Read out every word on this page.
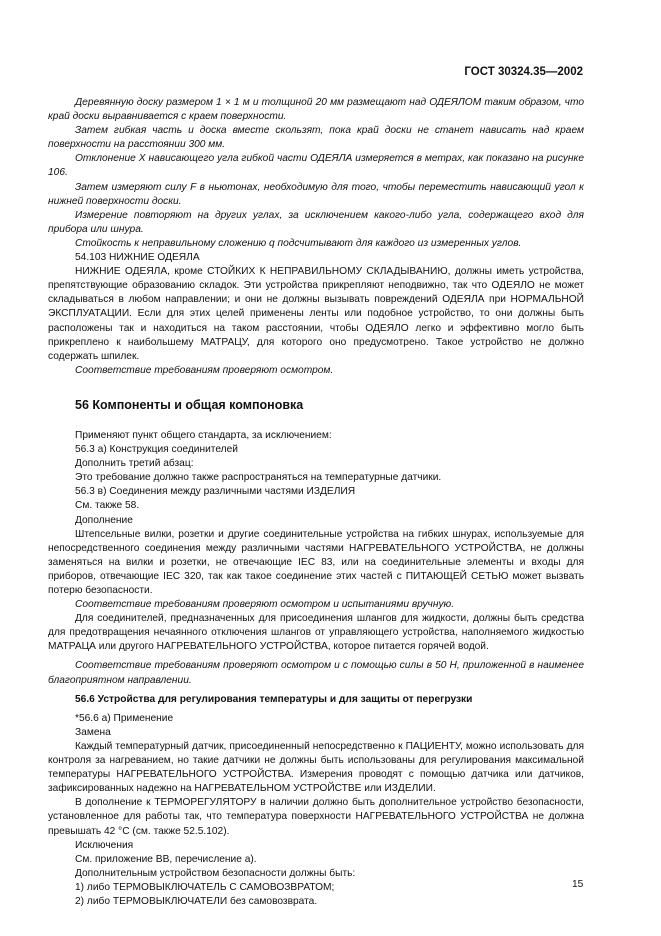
ГОСТ 30324.35—2002

Деревянную доску размером 1 × 1 м и толщиной 20 мм размещают над ОДЕЯЛОМ таким образом, что край доски выравнивается с краем поверхности.

Затем гибкая часть и доска вместе скользят, пока край доски не станет нависать над краем поверхности на расстоянии 300 мм.

Отклонение X нависающего угла гибкой части ОДЕЯЛА измеряется в метрах, как показано на рисунке 106.

Затем измеряют силу F в ньютонах, необходимую для того, чтобы переместить нависающий угол к нижней поверхности доски.

Измерение повторяют на других углах, за исключением какого-либо угла, содержащего вход для прибора или шнура.

Стойкость к неправильному сложению q подсчитывают для каждого из измеренных углов.

54.103 НИЖНИЕ ОДЕЯЛА

НИЖНИЕ ОДЕЯЛА, кроме СТОЙКИХ К НЕПРАВИЛЬНОМУ СКЛАДЫВАНИЮ, должны иметь устройства, препятствующие образованию складок. Эти устройства прикрепляют неподвижно, так что ОДЕЯЛО не может складываться в любом направлении; и они не должны вызывать повреждений ОДЕЯЛА при НОРМАЛЬНОЙ ЭКСПЛУАТАЦИИ. Если для этих целей применены ленты или подобное устройство, то они должны быть расположены так и находиться на таком расстоянии, чтобы ОДЕЯЛО легко и эффективно могло быть прикреплено к наибольшему МАТРАЦУ, для которого оно предусмотрено. Такое устройство не должно содержать шпилек.

Соответствие требованиям проверяют осмотром.

56 Компоненты и общая компоновка

Применяют пункт общего стандарта, за исключением:

56.3 а) Конструкция соединителей

Дополнить третий абзац:

Это требование должно также распространяться на температурные датчики.

56.3 в) Соединения между различными частями ИЗДЕЛИЯ

См. также 58.

Дополнение

Штепсельные вилки, розетки и другие соединительные устройства на гибких шнурах, используемые для непосредственного соединения между различными частями НАГРЕВАТЕЛЬНОГО УСТРОЙСТВА, не должны заменяться на вилки и розетки, не отвечающие IEC 83, или на соединительные элементы и входы для приборов, отвечающие IEC 320, так как такое соединение этих частей с ПИТАЮЩЕЙ СЕТЬЮ может вызвать потерю безопасности.

Соответствие требованиям проверяют осмотром и испытаниями вручную.

Для соединителей, предназначенных для присоединения шлангов для жидкости, должны быть средства для предотвращения нечаянного отключения шлангов от управляющего устройства, наполняемого жидкостью МАТРАЦА или другого НАГРЕВАТЕЛЬНОГО УСТРОЙСТВА, которое питается горячей водой.

Соответствие требованиям проверяют осмотром и с помощью силы в 50 Н, приложенной в наименее благоприятном направлении.

56.6 Устройства для регулирования температуры и для защиты от перегрузки

*56.6 а) Применение

Замена

Каждый температурный датчик, присоединенный непосредственно к ПАЦИЕНТУ, можно использовать для контроля за нагреванием, но такие датчики не должны быть использованы для регулирования максимальной температуры НАГРЕВАТЕЛЬНОГО УСТРОЙСТВА. Измерения проводят с помощью датчика или датчиков, зафиксированных надежно на НАГРЕВАТЕЛЬНОМ УСТРОЙСТВЕ или ИЗДЕЛИИ.

В дополнение к ТЕРМОРЕГУЛЯТОРУ в наличии должно быть дополнительное устройство безопасности, установленное для работы так, что температура поверхности НАГРЕВАТЕЛЬНОГО УСТРОЙСТВА не должна превышать 42 °С (см. также 52.5.102).

Исключения

См. приложение ВВ, перечисление а).

Дополнительным устройством безопасности должны быть:

1) либо ТЕРМОВЫКЛЮЧАТЕЛЬ С САМОВОЗВРАТОМ;

2) либо ТЕРМОВЫКЛЮЧАТЕЛИ без самовозврата.

15
